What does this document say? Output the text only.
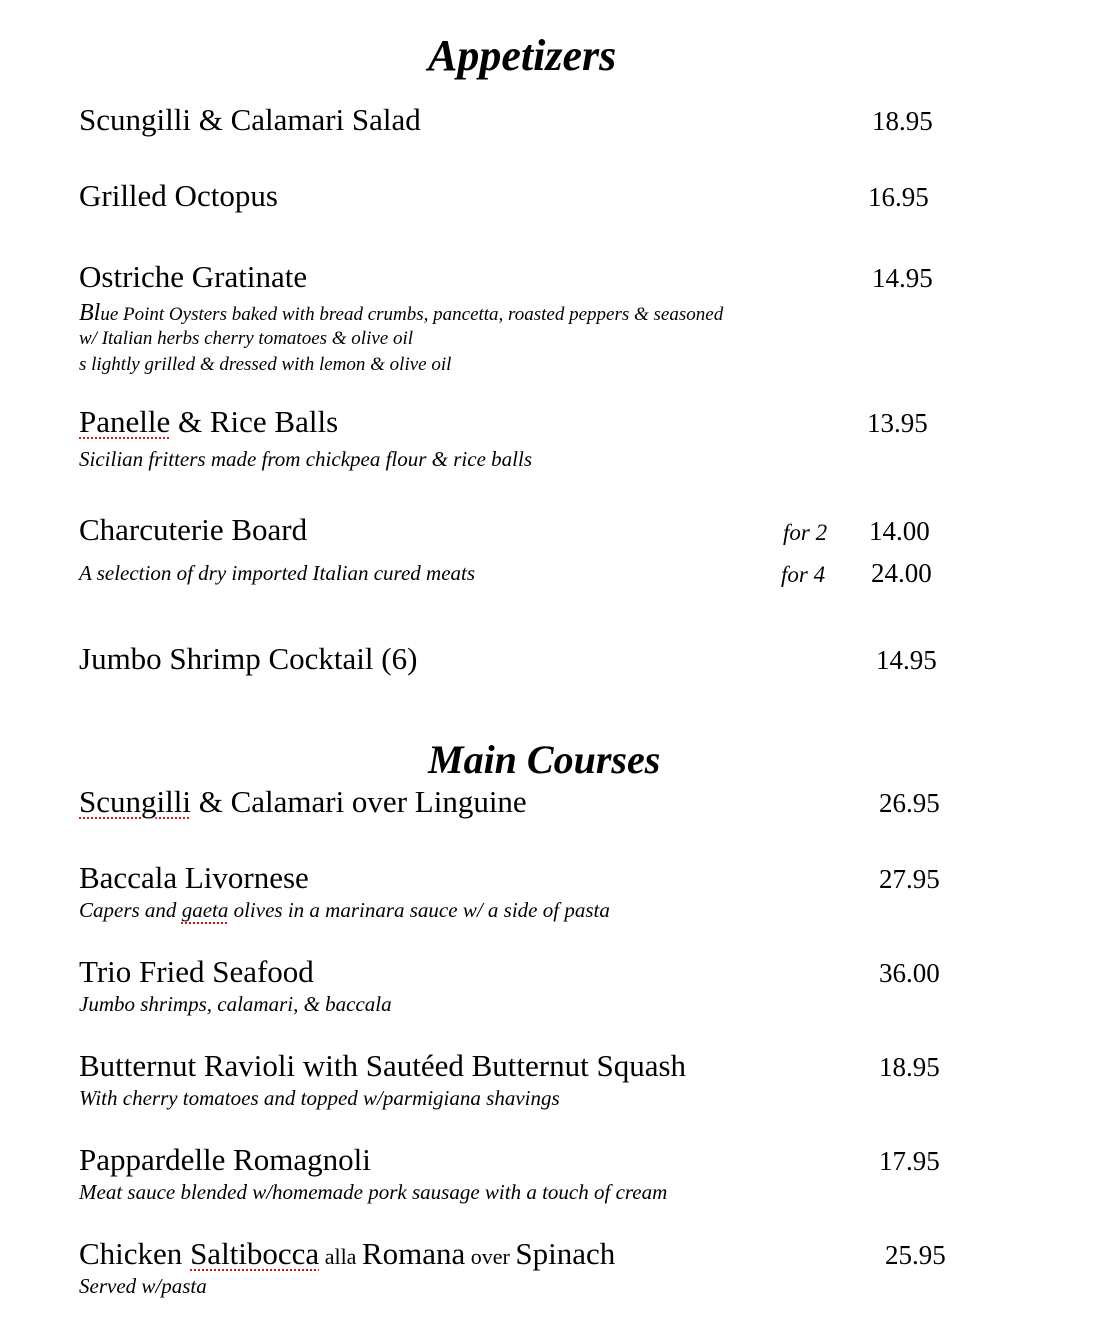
Appetizers
Scungilli & Calamari Salad	18.95
Grilled Octopus	16.95
Ostriche Gratinate	14.95
Blue Point Oysters baked with bread crumbs, pancetta, roasted peppers & seasoned
w/ Italian herbs cherry tomatoes & olive oil
s lightly grilled & dressed with lemon & olive oil
Panelle & Rice Balls	13.95
Sicilian fritters made from chickpea flour & rice balls
Charcuterie Board	for 2 14.00
A selection of dry imported Italian cured meats	for 4 24.00
Jumbo Shrimp Cocktail (6)	14.95
Main Courses
Scungilli & Calamari over Linguine	26.95
Baccala Livornese	27.95
Capers and gaeta olives in a marinara sauce w/ a side of pasta
Trio Fried Seafood	36.00
Jumbo shrimps, calamari, & baccala
Butternut Ravioli with Sautéed Butternut Squash	18.95
With cherry tomatoes and topped w/parmigiana shavings
Pappardelle Romagnoli	17.95
Meat sauce blended w/homemade pork sausage with a touch of cream
Chicken Saltibocca alla Romana over Spinach	25.95
Served w/pasta
